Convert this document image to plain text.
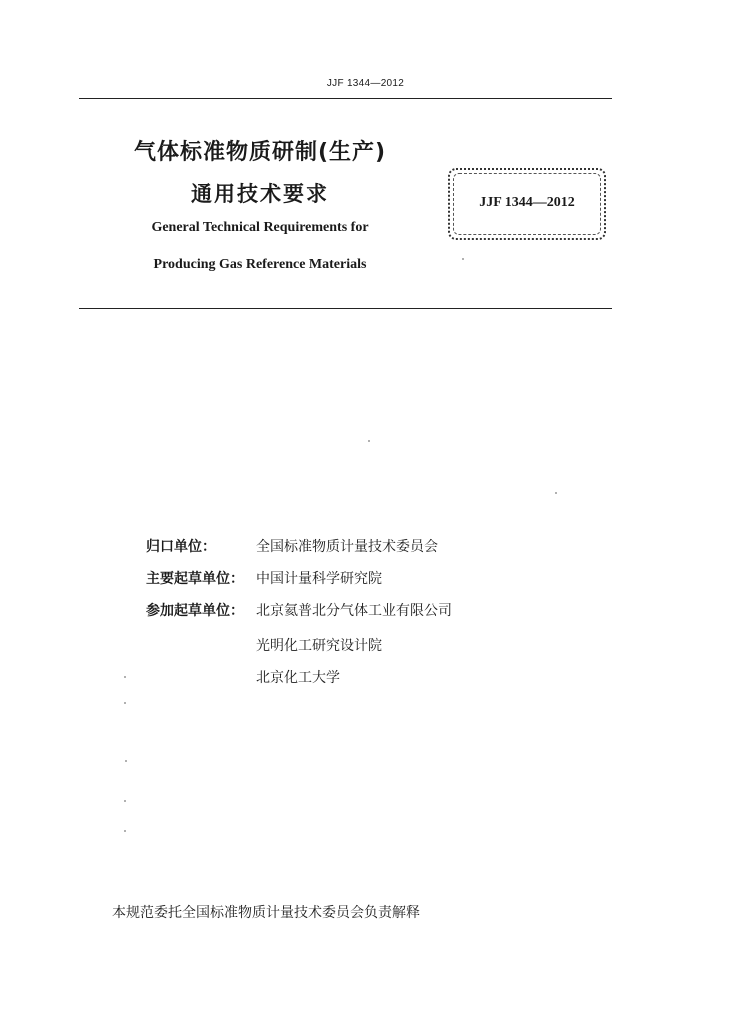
JJF 1344—2012
气体标准物质研制(生产)
通用技术要求
General Technical Requirements for
Producing Gas Reference Materials
JJF 1344—2012
归口单位：	全国标准物质计量技术委员会
主要起草单位： 中国计量科学研究院
参加起草单位： 北京氦普北分气体工业有限公司
光明化工研究设计院
北京化工大学
本规范委托全国标准物质计量技术委员会负责解释
